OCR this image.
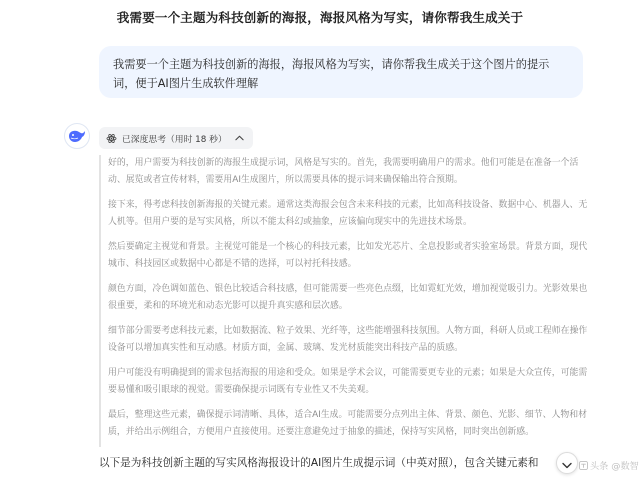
我需要一个主题为科技创新的海报，海报风格为写实，请你帮我生成关于
我需要一个主题为科技创新的海报，海报风格为写实，请你帮我生成关于这个图片的提示词，便于AI图片生成软件理解
已深度思考（用时 18 秒）

好的，用户需要为科技创新的海报生成提示词，风格是写实的。首先，我需要明确用户的需求。他们可能是在准备一个活动、展览或者宣传材料，需要用AI生成图片，所以需要具体的提示词来确保输出符合预期。

接下来，得考虑科技创新海报的关键元素。通常这类海报会包含未来科技的元素，比如高科技设备、数据中心、机器人、无人机等。但用户要的是写实风格，所以不能太科幻或抽象，应该偏向现实中的先进技术场景。

然后要确定主视觉和背景。主视觉可能是一个核心的科技元素，比如发光芯片、全息投影或者实验室场景。背景方面，现代城市、科技园区或数据中心都是不错的选择，可以衬托科技感。

颜色方面，冷色调如蓝色、银色比较适合科技感，但可能需要一些亮色点缀，比如霓虹光效，增加视觉吸引力。光影效果也很重要，柔和的环境光和动态光影可以提升真实感和层次感。

细节部分需要考虑科技元素，比如数据流、粒子效果、光纤等，这些能增强科技氛围。人物方面，科研人员或工程师在操作设备可以增加真实性和互动感。材质方面，金属、玻璃、发光材质能突出科技产品的质感。

用户可能没有明确提到的需求包括海报的用途和受众。如果是学术会议，可能需要更专业的元素；如果是大众宣传，可能需要易懂和吸引眼球的视觉。需要确保提示词既有专业性又不失美观。

最后，整理这些元素，确保提示词清晰、具体，适合AI生成。可能需要分点列出主体、背景、颜色、光影、细节、人物和材质，并给出示例组合，方便用户直接使用。还要注意避免过于抽象的描述，保持写实风格，同时突出创新感。

以下是为科技创新主题的写实风格海报设计的AI图片生成提示词（中英对照），包含关键元素和	头条 @数智
